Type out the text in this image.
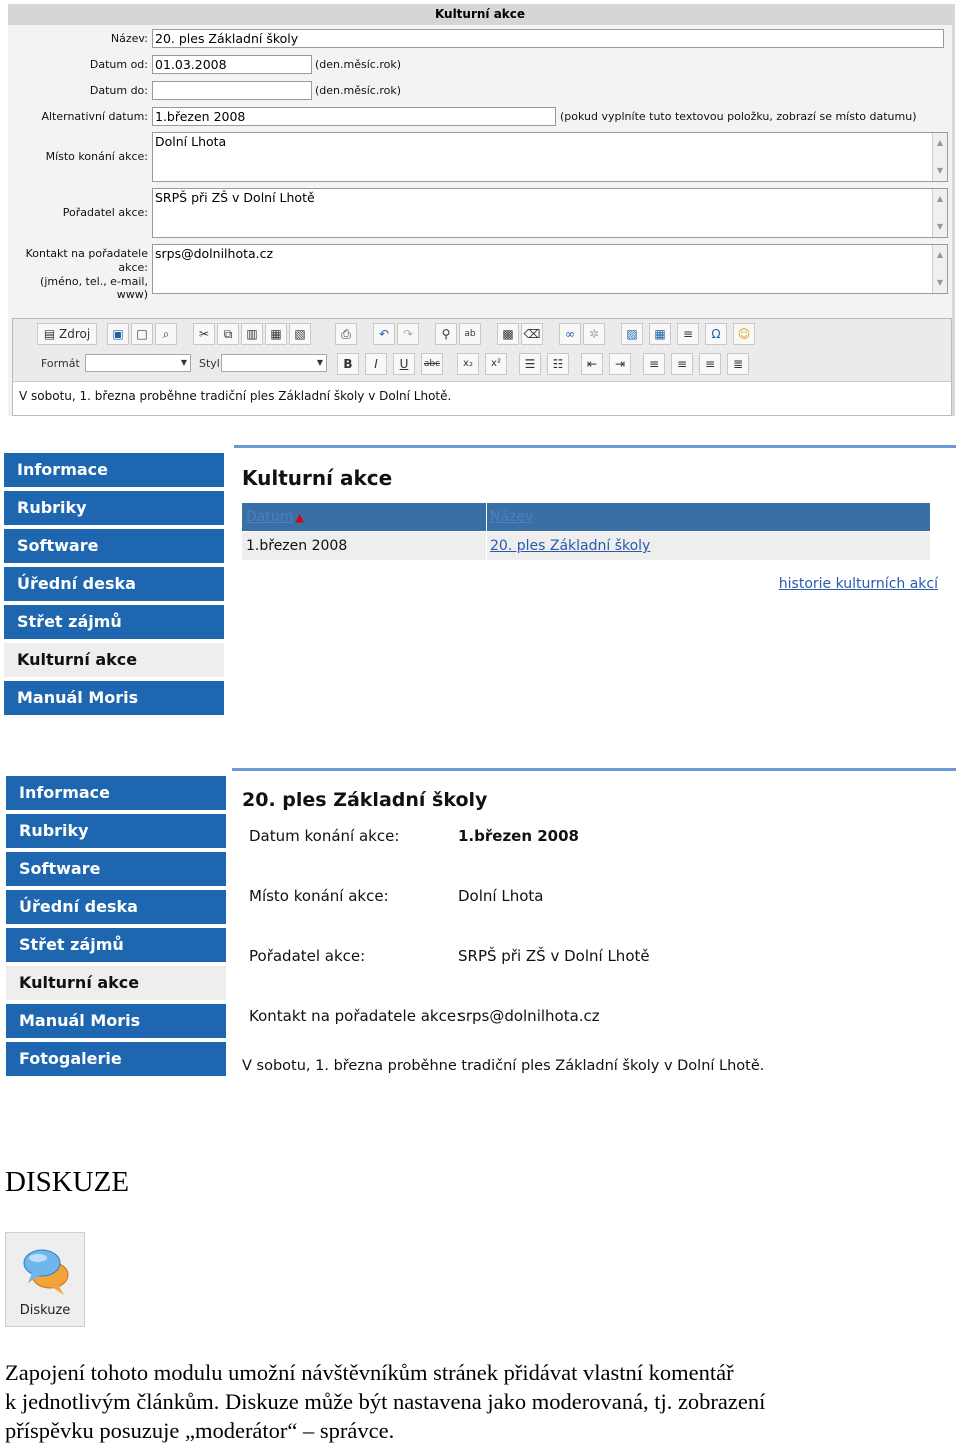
Kulturní akce
Název: 20. ples Základní školy
Datum od: 01.03.2008	(den.měsíc.rok)
Datum do:	(den.měsíc.rok)
Alternativní datum: 1.březen 2008	(pokud vyplníte tuto textovou položku, zobrazí se místo datumu)
Místo konání akce:
Dolní Lhota	▲
▼
Pořadatel akce:
SRPŠ při ZŠ v Dolní Lhotě	▲
▼
Kontakt na pořadatele
akce:
(jméno, tel., e-mail, www)
srps@dolnilhota.cz	▲
▼
▤ Zdroj	▣	□	⌕	✂	⧉	▥	▦	▧	⎙	↶	↷	⚲	ab	▩ ⌫	∞	✲	▨	▦	≡	Ω	☺
Formát	▼ Styl	▼	B	I	U	abc	x₂	x²	☰	☷	⇤	⇥	≡	≡	≡	≣
V sobotu, 1. března proběhne tradiční ples Základní školy v Dolní Lhotě.
Informace
Rubriky
Software
Úřední deska
Střet zájmů
Kulturní akce
Manuál Moris
Kulturní akce
Datum ▲	Název
1.březen 2008	20. ples Základní školy
historie kulturních akcí
Informace
Rubriky
Software
Úřední deska
Střet zájmů
Kulturní akce
Manuál Moris
Fotogalerie
20. ples Základní školy
Datum konání akce:	1.březen 2008
Místo konání akce:	Dolní Lhota
Pořadatel akce:	SRPŠ při ZŠ v Dolní Lhotě
Kontakt na pořadatele akce:
srps@dolnilhota.cz
V sobotu, 1. března proběhne tradiční ples Základní školy v Dolní Lhotě.
DISKUZE
Diskuze
Zapojení tohoto modulu umožní návštěvníkům stránek přidávat vlastní komentář
k jednotlivým článkům. Diskuze může být nastavena jako moderovaná, tj. zobrazení
příspěvku posuzuje „moderátor“ – správce.
